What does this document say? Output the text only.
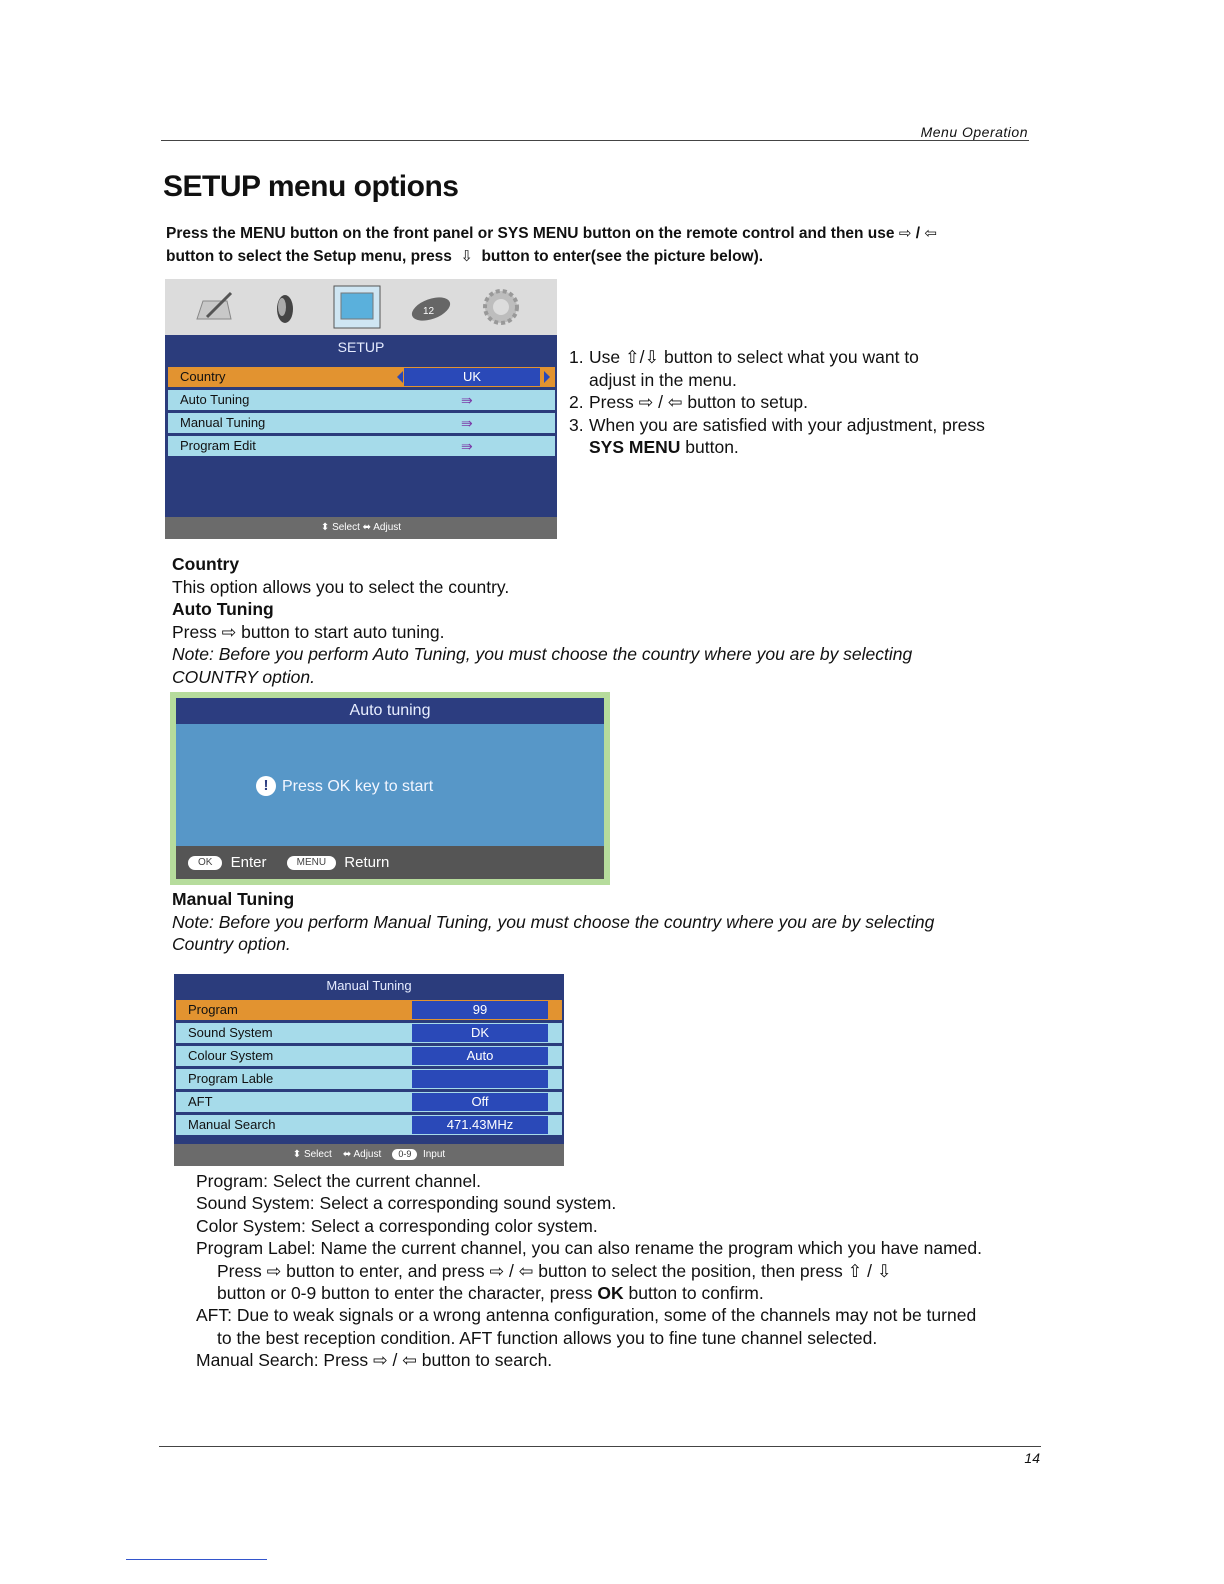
Menu Operation
SETUP menu options
Press the MENU button on the front panel or SYS MENU button on the remote control and then use ⇨ / ⇦
button to select the Setup menu, press  ⇩  button to enter(see the picture below).
12
SETUP
Country	UK
Auto Tuning	⇛
Manual Tuning	⇛
Program Edit	⇛
⬍ Select ⬌ Adjust
1. Use ⇧/⇩ button to select what you want to
adjust in the menu.
2. Press ⇨ / ⇦ button to setup.
3. When you are satisfied with your adjustment, press
SYS MENU button.
Country
This option allows you to select the country.
Auto Tuning
Press ⇨ button to start auto tuning.
Note: Before you perform Auto Tuning, you must choose the country where you are by selecting
COUNTRY option.
Auto tuning
! Press OK key to start
OK Enter	MENU Return
Manual Tuning
Note: Before you perform Manual Tuning, you must choose the country where you are by selecting
Country option.
Manual Tuning
Program	99
Sound System	DK
Colour System	Auto
Program Lable
AFT	Off
Manual Search	471.43MHz
⬍ Select ⬌ Adjust 0-9 Input
Program: Select the current channel.
Sound System: Select a corresponding sound system.
Color System: Select a corresponding color system.
Program Label: Name the current channel, you can also rename the program which you have named.
Press ⇨ button to enter, and press ⇨ / ⇦ button to select the position, then press ⇧ / ⇩
button or 0-9 button to enter the character, press OK button to confirm.
AFT: Due to weak signals or a wrong antenna configuration, some of the channels may not be turned
to the best reception condition. AFT function allows you to fine tune channel selected.
Manual Search: Press ⇨ / ⇦ button to search.
14
